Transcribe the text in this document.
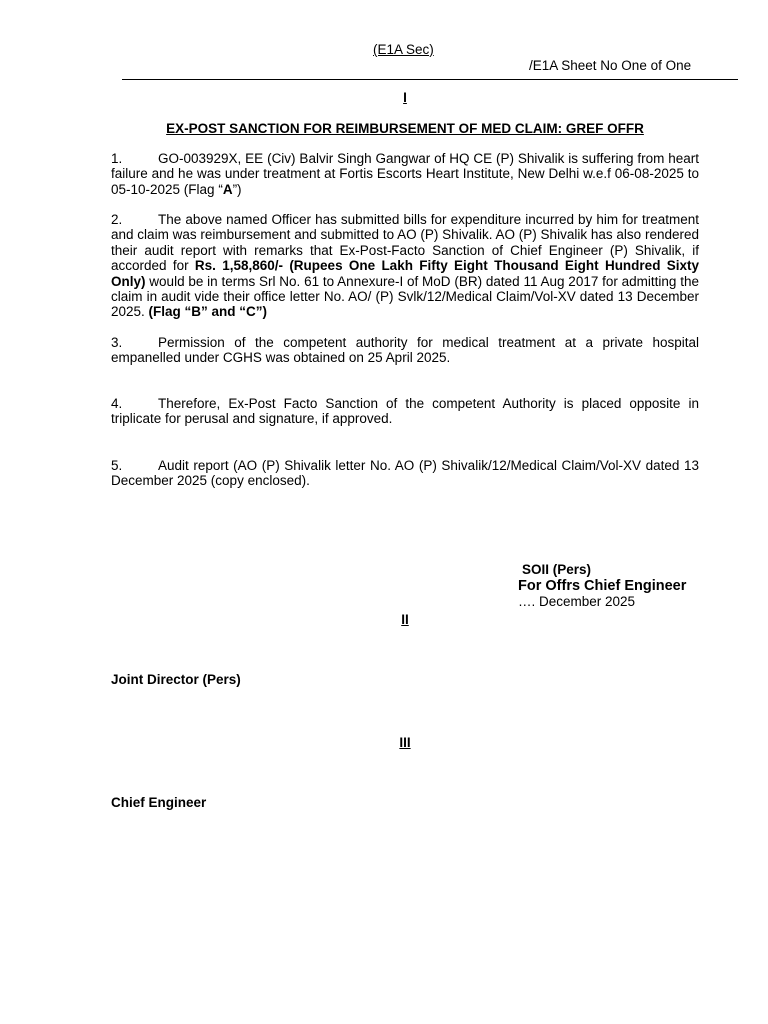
(E1A Sec)
/E1A Sheet No One of One
I
EX-POST SANCTION FOR REIMBURSEMENT OF MED CLAIM: GREF OFFR
1.	GO-003929X, EE (Civ) Balvir Singh Gangwar of HQ CE (P) Shivalik is suffering from heart failure and he was under treatment at Fortis Escorts Heart Institute, New Delhi w.e.f 06-08-2025 to 05-10-2025 (Flag “A”)
2.	The above named Officer has submitted bills for expenditure incurred by him for treatment and claim was reimbursement and submitted to AO (P) Shivalik. AO (P) Shivalik has also rendered their audit report with remarks that Ex-Post-Facto Sanction of Chief Engineer (P) Shivalik, if accorded for Rs. 1,58,860/- (Rupees One Lakh Fifty Eight Thousand Eight Hundred Sixty Only) would be in terms Srl No. 61 to Annexure-I of MoD (BR) dated 11 Aug 2017 for admitting the claim in audit vide their office letter No. AO/ (P) Svlk/12/Medical Claim/Vol-XV dated 13 December 2025. (Flag “B” and “C”)
3.	Permission of the competent authority for medical treatment at a private hospital empanelled under CGHS was obtained on 25 April 2025.
4.	Therefore, Ex-Post Facto Sanction of the competent Authority is placed opposite in triplicate for perusal and signature, if approved.
5.	Audit report (AO (P) Shivalik letter No. AO (P) Shivalik/12/Medical Claim/Vol-XV dated 13 December 2025 (copy enclosed).
SOII (Pers)
For Offrs Chief Engineer
…. December 2025
II
Joint Director (Pers)
III
Chief Engineer
